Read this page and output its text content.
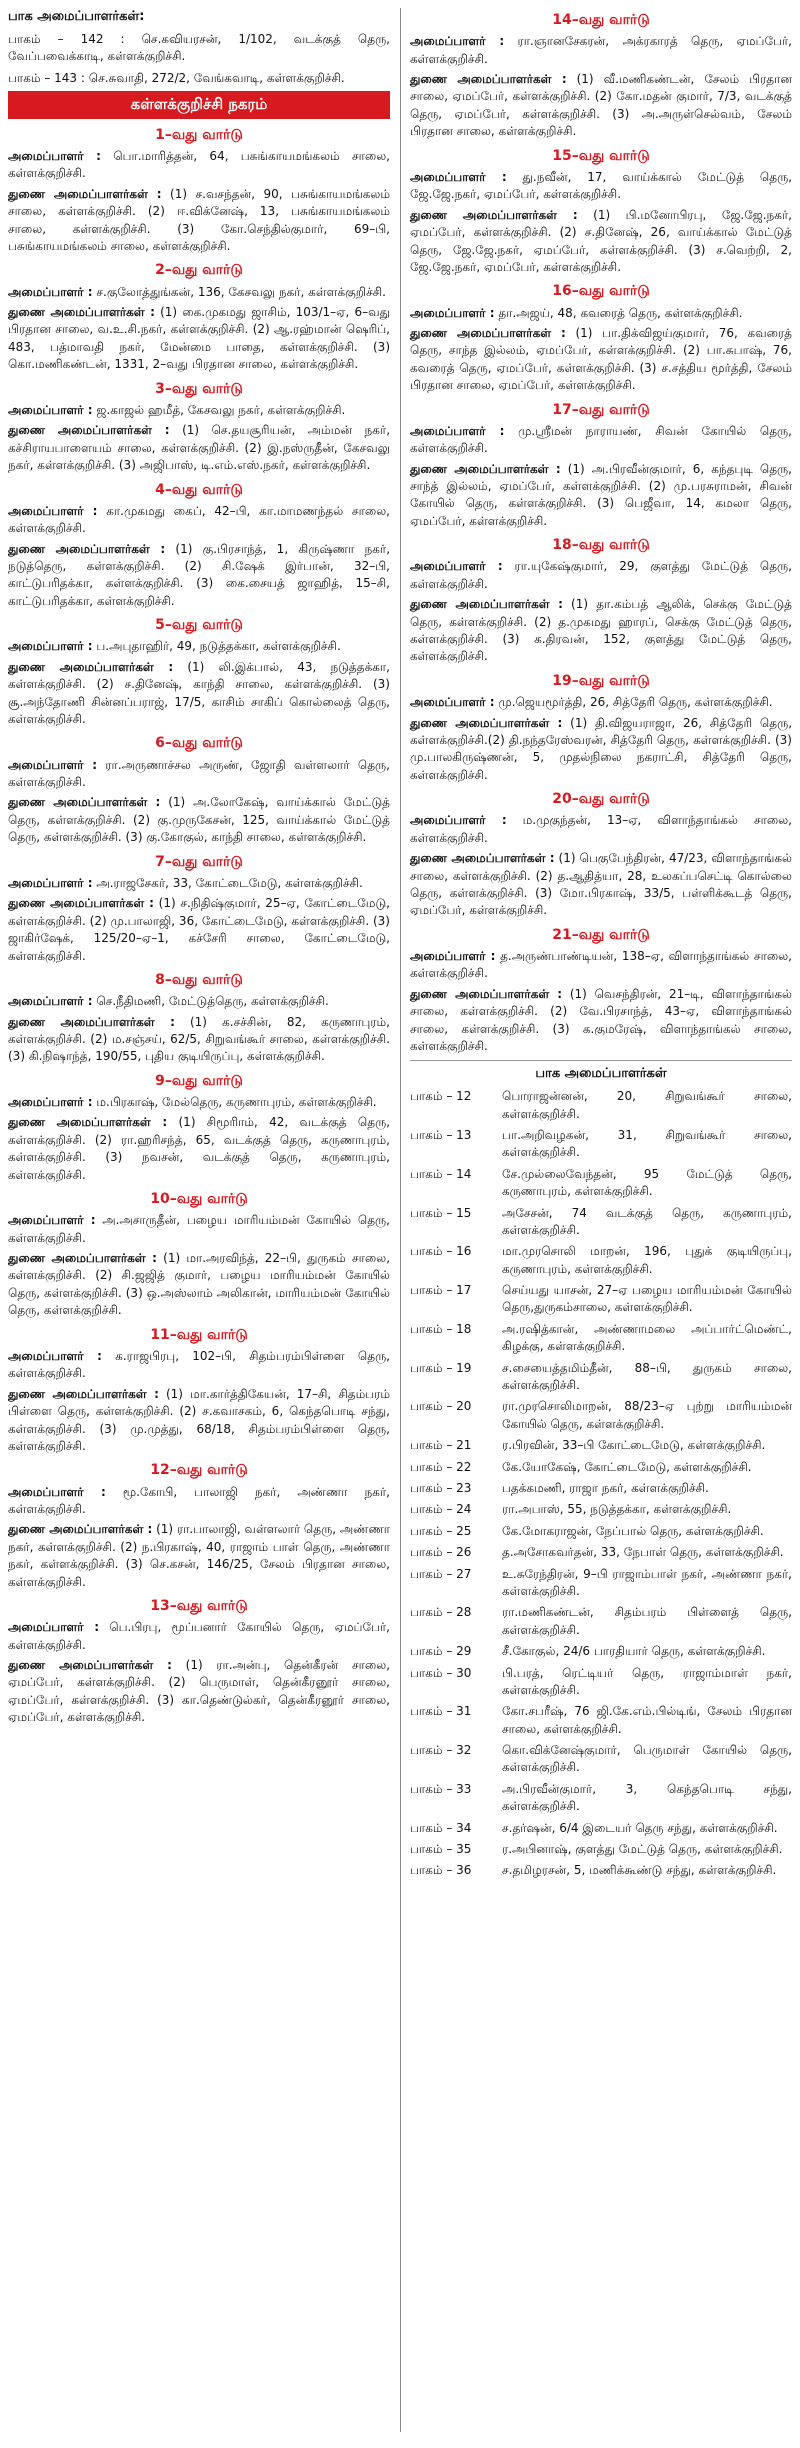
பாக அமைப்பாளர்கள்:
பாகம் – 142 : செ.கவியரசன், 1/102, வடக்குத் தெரு, வேப்பவைக்காடி, கள்ளக்குறிச்சி.
பாகம் – 143 : செ.சுவாதி, 272/2, வேங்கவாடி, கள்ளக்குறிச்சி.
கள்ளக்குறிச்சி நகரம்
1–வது வார்டு
அமைப்பாளர் : பொ.மாரித்தன், 64, பசுங்காயமங்கலம் சாலை, கள்ளக்குறிச்சி.
துணை அமைப்பாளர்கள் : (1) ச.வசந்தன், 90, பசுங்காயமங்கலம் சாலை, கள்ளக்குறிச்சி. (2) ஈ.விக்னேஷ், 13, பசுங்காயமங்கலம் சாலை, கள்ளக்குறிச்சி. (3) கோ.செந்தில்குமார், 69–பி, பசுங்காயமங்கலம் சாலை, கள்ளக்குறிச்சி.
2–வது வார்டு
அமைப்பாளர் : ச.குலோத்துங்கன், 136, கேசவலு நகர், கள்ளக்குறிச்சி.
துணை அமைப்பாளர்கள் : (1) கை.முகமது ஜாசிம், 103/1–ஏ, 6–வது பிரதான சாலை, வ.உ.சி.நகர், கள்ளக்குறிச்சி. (2) ஆ.ரஹ்மான் ஷெரிப், 483, பத்மாவதி நகர், மேன்மை பாதை, கள்ளக்குறிச்சி. (3) கொ.மணிகண்டன், 1331, 2–வது பிரதான சாலை, கள்ளக்குறிச்சி.
3–வது வார்டு
அமைப்பாளர் : ஜ.காஜல் ஹமீத், கேசவலு நகர், கள்ளக்குறிச்சி.
துணை அமைப்பாளர்கள் : (1) செ.தயசூரியன், அம்மன் நகர், கச்சிராயபாளையம் சாலை, கள்ளக்குறிச்சி. (2) இ.நஸ்ருதீன், கேசவலு நகர், கள்ளக்குறிச்சி. (3) அஜிபாஸ், டி.எம்.எஸ்.நகர், கள்ளக்குறிச்சி.
4–வது வார்டு
அமைப்பாளர் : கா.முகமது கைப், 42–பி, கா.மாமணந்தல் சாலை, கள்ளக்குறிச்சி.
துணை அமைப்பாளர்கள் : (1) கு.பிரசாந்த், 1, கிருஷ்ணா நகர், நடுத்தெரு, கள்ளக்குறிச்சி. (2) சி.ஷேக் இர்பான், 32–பி, காட்டுபரிதக்கா, கள்ளக்குறிச்சி. (3) கை.சையத் ஜாஹித், 15–சி, காட்டுபரிதக்கா, கள்ளக்குறிச்சி.
5–வது வார்டு
அமைப்பாளர் : ப.அபுதாஹிர், 49, நடுத்தக்கா, கள்ளக்குறிச்சி.
துணை அமைப்பாளர்கள் : (1) லி.இக்பால், 43, நடுத்தக்கா, கள்ளக்குறிச்சி. (2) ச.தினேஷ், காந்தி சாலை, கள்ளக்குறிச்சி. (3) சூ.அந்தோணி சின்னப்பராஜ், 17/5, காசிம் சாகிப் கொல்லைத் தெரு, கள்ளக்குறிச்சி.
6–வது வார்டு
அமைப்பாளர் : ரா.அருணாச்சல அருண், ஜோதி வள்ளலார் தெரு, கள்ளக்குறிச்சி.
துணை அமைப்பாளர்கள் : (1) அ.லோகேஷ், வாய்க்கால் மேட்டுத் தெரு, கள்ளக்குறிச்சி. (2) கு.முருகேசன், 125, வாய்க்கால் மேட்டுத் தெரு, கள்ளக்குறிச்சி. (3) கு.கோகுல், காந்தி சாலை, கள்ளக்குறிச்சி.
7–வது வார்டு
அமைப்பாளர் : அ.ராஜசேகர், 33, கோட்டைமேடு, கள்ளக்குறிச்சி.
துணை அமைப்பாளர்கள் : (1) ச.நிதிஷ்குமார், 25–ஏ, கோட்டைமேடு, கள்ளக்குறிச்சி. (2) மு.பாலாஜி, 36, கோட்டைமேடு, கள்ளக்குறிச்சி. (3) ஜாகிர்ஷேக், 125/20–ஏ–1, கச்சேரி சாலை, கோட்டைமேடு, கள்ளக்குறிச்சி.
8–வது வார்டு
அமைப்பாளர் : செ.நீதிமணி, மேட்டுத்தெரு, கள்ளக்குறிச்சி.
துணை அமைப்பாளர்கள் : (1) க.சச்சின், 82, கருணாபுரம், கள்ளக்குறிச்சி. (2) ம.சஞ்சய், 62/5, சிறுவங்கூர் சாலை, கள்ளக்குறிச்சி. (3) கி.நிஷாந்த், 190/55, புதிய குடியிருப்பு, கள்ளக்குறிச்சி.
9–வது வார்டு
அமைப்பாளர் : ம.பிரகாஷ், மேல்தெரு, கருணாபுரம், கள்ளக்குறிச்சி.
துணை அமைப்பாளர்கள் : (1) சிமூரிாம், 42, வடக்குத் தெரு, கள்ளக்குறிச்சி. (2) ரா.ஹரிசந்த், 65, வடக்குத் தெரு, கருணாபுரம், கள்ளக்குறிச்சி. (3) நவசன், வடக்குத் தெரு, கருணாபுரம், கள்ளக்குறிச்சி.
10–வது வார்டு
அமைப்பாளர் : அ.அசாருதீன், பழைய மாரியம்மன் கோயில் தெரு, கள்ளக்குறிச்சி.
துணை அமைப்பாளர்கள் : (1) மா.அரவிந்த், 22–பி, துருகம் சாலை, கள்ளக்குறிச்சி. (2) சி.ஜஜித் குமார், பழைய மாரியம்மன் கோயில் தெரு, கள்ளக்குறிச்சி. (3) ஒ.அஸ்லாம் அலிகான், மாரியம்மன் கோயில் தெரு, கள்ளக்குறிச்சி.
11–வது வார்டு
அமைப்பாளர் : க.ராஜபிரபு, 102–பி, சிதம்பரம்பிள்ளை தெரு, கள்ளக்குறிச்சி.
துணை அமைப்பாளர்கள் : (1) மா.கார்த்திகேயன், 17–சி, சிதம்பரம் பிள்ளை தெரு, கள்ளக்குறிச்சி. (2) ச.கவாசகம், 6, கெந்தபொடி சந்து, கள்ளக்குறிச்சி. (3) மு.முத்து, 68/18, சிதம்பரம்பிள்ளை தெரு, கள்ளக்குறிச்சி.
12–வது வார்டு
அமைப்பாளர் : மூ.கோபி, பாலாஜி நகர், அண்ணா நகர், கள்ளக்குறிச்சி.
துணை அமைப்பாளர்கள் : (1) ரா.பாலாஜி, வள்ளலார் தெரு, அண்ணா நகர், கள்ளக்குறிச்சி. (2) ந.பிரகாஷ், 40, ராஜாம் பாள் தெரு, அண்ணா நகர், கள்ளக்குறிச்சி. (3) செ.கசன், 146/25, சேலம் பிரதான சாலை, கள்ளக்குறிச்சி.
13–வது வார்டு
அமைப்பாளர் : பெ.பிரபு, மூப்பனார் கோயில் தெரு, ஏமப்பேர், கள்ளக்குறிச்சி.
துணை அமைப்பாளர்கள் : (1) ரா.அன்பு, தென்கீரன் சாலை, ஏமப்பேர், கள்ளக்குறிச்சி. (2) பெருமாள், தென்கீரனூர் சாலை, ஏமப்பேர், கள்ளக்குறிச்சி. (3) கா.தெண்டுல்கர், தென்கீரனூர் சாலை, ஏமப்பேர், கள்ளக்குறிச்சி.
14–வது வார்டு
அமைப்பாளர் : ரா.ஞானசேகரன், அக்ரகாரத் தெரு, ஏமப்பேர், கள்ளக்குறிச்சி.
துணை அமைப்பாளர்கள் : (1) வீ.மணிகண்டன், சேலம் பிரதான சாலை, ஏமப்பேர், கள்ளக்குறிச்சி. (2) கோ.மதன் குமார், 7/3, வடக்குத் தெரு, ஏமப்பேர், கள்ளக்குறிச்சி. (3) அ.அருள்செல்வம், சேலம் பிரதான சாலை, கள்ளக்குறிச்சி.
15–வது வார்டு
அமைப்பாளர் : து.நவீன், 17, வாய்க்கால் மேட்டுத் தெரு, ஜே.ஜே.நகர், ஏமப்பேர், கள்ளக்குறிச்சி.
துணை அமைப்பாளர்கள் : (1) பி.மனோபிரபு, ஜே.ஜே.நகர், ஏமப்பேர், கள்ளக்குறிச்சி. (2) ச.தினேஷ், 26, வாய்க்கால் மேட்டுத் தெரு, ஜே.ஜே.நகர், ஏமப்பேர், கள்ளக்குறிச்சி. (3) ச.வெற்றி, 2, ஜே.ஜே.நகர், ஏமப்பேர், கள்ளக்குறிச்சி.
16–வது வார்டு
அமைப்பாளர் : தா.அஜய், 48, கவரைத் தெரு, கள்ளக்குறிச்சி.
துணை அமைப்பாளர்கள் : (1) பா.திக்விஜய்குமார், 76, கவரைத் தெரு, சாந்த இல்லம், ஏமப்பேர், கள்ளக்குறிச்சி. (2) பா.சுபாஷ், 76, கவரைத் தெரு, ஏமப்பேர், கள்ளக்குறிச்சி. (3) ச.சத்திய மூர்த்தி, சேலம் பிரதான சாலை, ஏமப்பேர், கள்ளக்குறிச்சி.
17–வது வார்டு
அமைப்பாளர் : மு.ஸ்ரீமன் நாராயண், சிவன் கோயில் தெரு, கள்ளக்குறிச்சி.
துணை அமைப்பாளர்கள் : (1) அ.பிரவீன்குமார், 6, கந்தபுடி தெரு, சாந்த் இல்லம், ஏமப்பேர், கள்ளக்குறிச்சி. (2) மு.பரசுராமன், சிவன் கோயில் தெரு, கள்ளக்குறிச்சி. (3) பெஜீவா, 14, கமலா தெரு, ஏமப்பேர், கள்ளக்குறிச்சி.
18–வது வார்டு
அமைப்பாளர் : ரா.யுகேஷ்குமார், 29, குளத்து மேட்டுத் தெரு, கள்ளக்குறிச்சி.
துணை அமைப்பாளர்கள் : (1) தா.கம்பத் ஆலிக், செக்கு மேட்டுத் தெரு, கள்ளக்குறிச்சி. (2) த.முகமது ஹாரப், செக்கு மேட்டுத் தெரு, கள்ளக்குறிச்சி. (3) க.திரவன், 152, குளத்து மேட்டுத் தெரு, கள்ளக்குறிச்சி.
19–வது வார்டு
அமைப்பாளர் : மு.ஜெயமூர்த்தி, 26, சித்தேரி தெரு, கள்ளக்குறிச்சி.
துணை அமைப்பாளர்கள் : (1) தி.விஜயராஜா, 26, சித்தேரி தெரு, கள்ளக்குறிச்சி.(2) தி.நந்தரேஸ்வரன், சித்தேரி தெரு, கள்ளக்குறிச்சி. (3) மு.பாலகிருஷ்ணன், 5, முதல்நிலை நகராட்சி, சித்தேரி தெரு, கள்ளக்குறிச்சி.
20–வது வார்டு
அமைப்பாளர் : ம.முகுந்தன், 13–ஏ, விளாந்தாங்கல் சாலை, கள்ளக்குறிச்சி.
துணை அமைப்பாளர்கள் : (1) பெகுபேந்திரன், 47/23, விளாந்தாங்கல் சாலை, கள்ளக்குறிச்சி. (2) த.ஆதித்யா, 28, உலகப்பசெட்டி கொல்லை தெரு, கள்ளக்குறிச்சி. (3) மோ.பிரகாஷ், 33/5, பள்ளிக்கூடத் தெரு, ஏமப்பேர், கள்ளக்குறிச்சி.
21–வது வார்டு
அமைப்பாளர் : த.அருண்பாண்டியன், 138–ஏ, விளாந்தாங்கல் சாலை, கள்ளக்குறிச்சி.
துணை அமைப்பாளர்கள் : (1) வெசந்திரன், 21–டி, விளாந்தாங்கல் சாலை, கள்ளக்குறிச்சி. (2) வே.பிரசாந்த், 43–ஏ, விளாந்தாங்கல் சாலை, கள்ளக்குறிச்சி. (3) க.குமரேஷ், விளாந்தாங்கல் சாலை, கள்ளக்குறிச்சி.
பாக அமைப்பாளர்கள்
பாகம் – 12	பொராஜன்னன், 20, சிறுவங்கூர் சாலை, கள்ளக்குறிச்சி.
பாகம் – 13	பா.அறிவழகன், 31, சிறுவங்கூர் சாலை, கள்ளக்குறிச்சி.
பாகம் – 14	சே.முல்லைவேந்தன், 95 மேட்டுத் தெரு, கருணாபுரம், கள்ளக்குறிச்சி.
பாகம் – 15	அசேசன், 74 வடக்குத் தெரு, கருணாபுரம், கள்ளக்குறிச்சி.
பாகம் – 16	மா.முரசொலி மாறன், 196, புதுக் குடியிருப்பு, கருணாபுரம், கள்ளக்குறிச்சி.
பாகம் – 17	செய்யது யாசன், 27–ஏ பழைய மாரியம்மன் கோயில் தெரு,துருகம்சாலை, கள்ளக்குறிச்சி.
பாகம் – 18	அ.ரஷித்கான், அண்ணாமலை அப்பார்ட்மெண்ட், கிழக்கு, கள்ளக்குறிச்சி.
பாகம் – 19	ச.சையைத்தமிம்தீன், 88–பி, துருகம் சாலை, கள்ளக்குறிச்சி.
பாகம் – 20	ரா.முரசொலிமாறன், 88/23–ஏ புற்று மாரியம்மன் கோயில் தெரு, கள்ளக்குறிச்சி.
பாகம் – 21	ர.பிரவின், 33–பி கோட்டைமேடு, கள்ளக்குறிச்சி.
பாகம் – 22	கே.யோகேஷ், கோட்டைமேடு, கள்ளக்குறிச்சி.
பாகம் – 23	பதக்கமணி, ராஜா நகர், கள்ளக்குறிச்சி.
பாகம் – 24	ரா.அபாஸ், 55, நடுத்தக்கா, கள்ளக்குறிச்சி.
பாகம் – 25	கே.மோகராஜன், நேப்பால் தெரு, கள்ளக்குறிச்சி.
பாகம் – 26	த.அசோகவர்தன், 33, நேபாள் தெரு, கள்ளக்குறிச்சி.
பாகம் – 27	உ.சுரேந்திரன், 9–பி ராஜாம்பாள் நகர், அண்ணா நகர், கள்ளக்குறிச்சி.
பாகம் – 28	ரா.மணிகண்டன், சிதம்பரம் பிள்ளைத் தெரு, கள்ளக்குறிச்சி.
பாகம் – 29	சீ.கோகுல், 24/6 பாரதியார் தெரு, கள்ளக்குறிச்சி.
பாகம் – 30	பி.பரத், ரெட்டியர் தெரு, ராஜாம்மாள் நகர், கள்ளக்குறிச்சி.
பாகம் – 31	கோ.சபரீஷ், 76 ஜி.கே.எம்.பில்டிங், சேலம் பிரதான சாலை, கள்ளக்குறிச்சி.
பாகம் – 32	கொ.விக்னேஷ்குமார், பெருமாள் கோயில் தெரு, கள்ளக்குறிச்சி.
பாகம் – 33	அ.பிரவீன்குமார், 3, கெந்தபொடி சந்து, கள்ளக்குறிச்சி.
பாகம் – 34	ச.தர்ஷன், 6/4 இடையர் தெரு சந்து, கள்ளக்குறிச்சி.
பாகம் – 35	ர.அபினாஷ், குளத்து மேட்டுத் தெரு, கள்ளக்குறிச்சி.
பாகம் – 36	ச.தமிழரசன், 5, மணிக்கூண்டு சந்து, கள்ளக்குறிச்சி.
